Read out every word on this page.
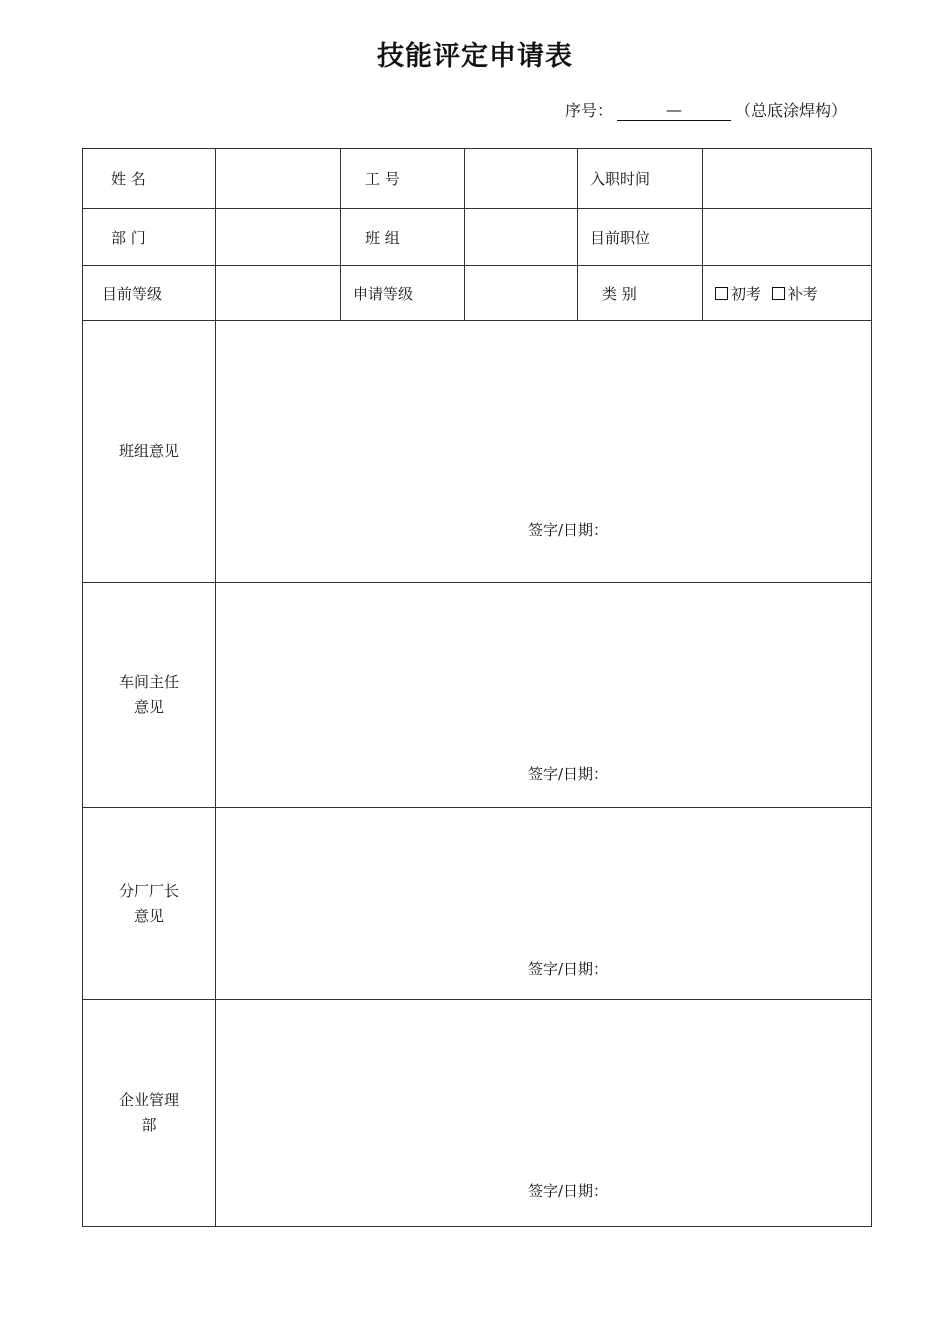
技能评定申请表
序号：	—	（总底涂焊构）
姓 名		工 号		入职时间	
部 门		班 组		目前职位	
目前等级		申请等级		类 别	初考 补考
班组意见	签字/日期：				

车间主任
意见	签字/日期：				

分厂厂长
意见	签字/日期：				

企业管理
部	签字/日期：				
